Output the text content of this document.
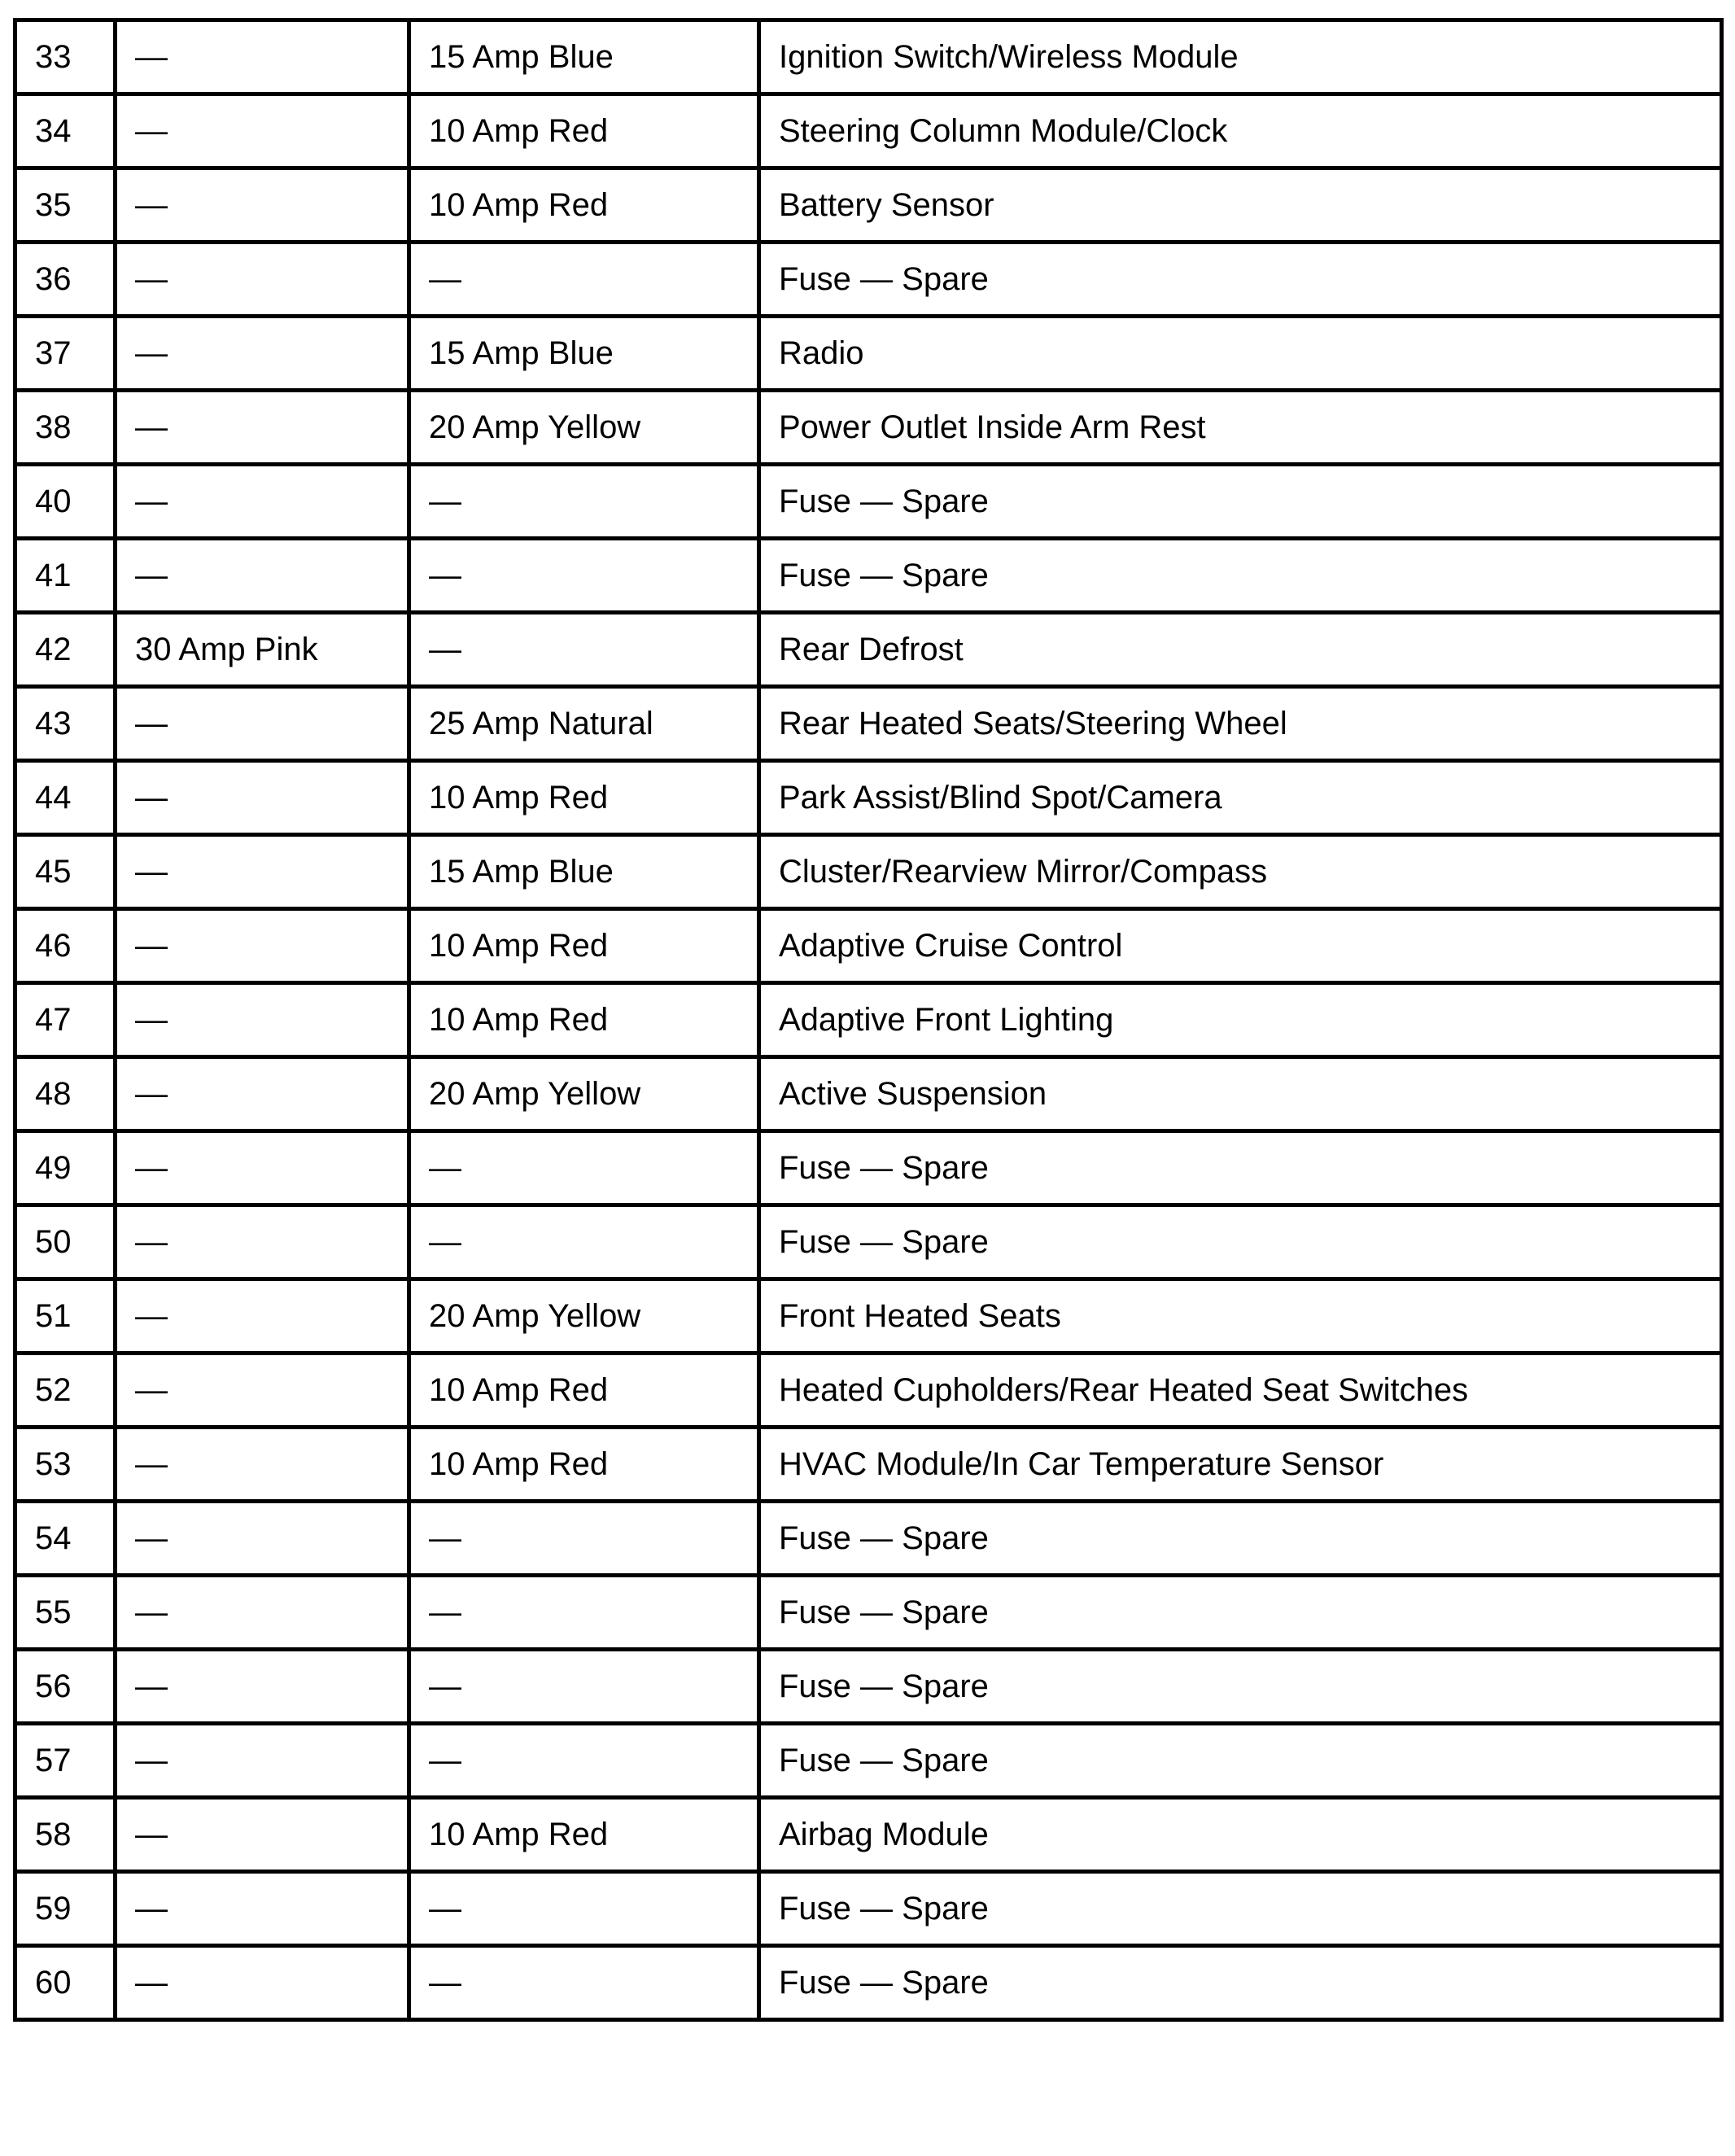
33	—	15 Amp Blue	Ignition Switch/Wireless Module
34	—	10 Amp Red	Steering Column Module/Clock
35	—	10 Amp Red	Battery Sensor
36	—	—	Fuse — Spare
37	—	15 Amp Blue	Radio
38	—	20 Amp Yellow	Power Outlet Inside Arm Rest
40	—	—	Fuse — Spare
41	—	—	Fuse — Spare
42	30 Amp Pink	—	Rear Defrost
43	—	25 Amp Natural	Rear Heated Seats/Steering Wheel
44	—	10 Amp Red	Park Assist/Blind Spot/Camera
45	—	15 Amp Blue	Cluster/Rearview Mirror/Compass
46	—	10 Amp Red	Adaptive Cruise Control
47	—	10 Amp Red	Adaptive Front Lighting
48	—	20 Amp Yellow	Active Suspension
49	—	—	Fuse — Spare
50	—	—	Fuse — Spare
51	—	20 Amp Yellow	Front Heated Seats
52	—	10 Amp Red	Heated Cupholders/Rear Heated Seat Switches
53	—	10 Amp Red	HVAC Module/In Car Temperature Sensor
54	—	—	Fuse — Spare
55	—	—	Fuse — Spare
56	—	—	Fuse — Spare
57	—	—	Fuse — Spare
58	—	10 Amp Red	Airbag Module
59	—	—	Fuse — Spare
60	—	—	Fuse — Spare
